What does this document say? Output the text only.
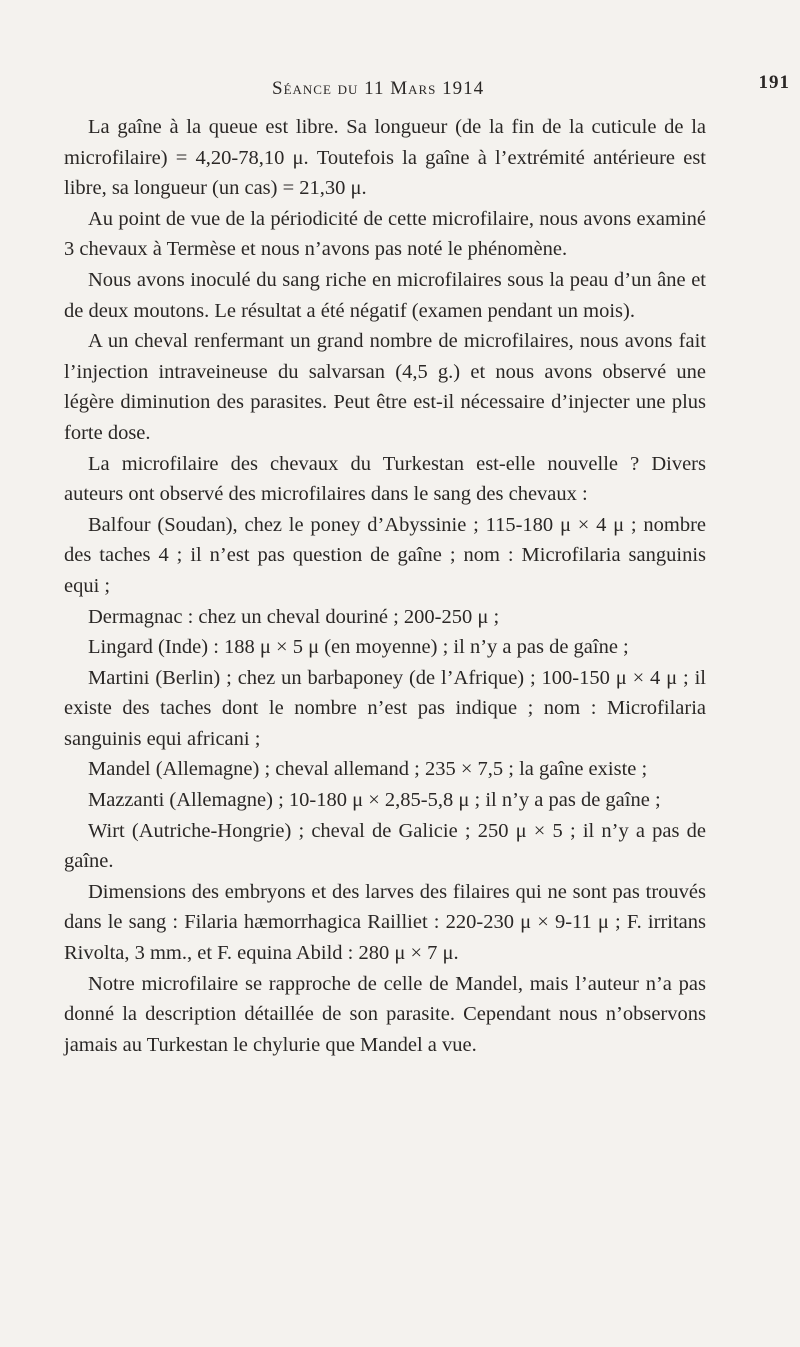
Séance du 11 Mars 1914	191

La gaîne à la queue est libre. Sa longueur (de la fin de la cuticule de la microfilaire) = 4,20-78,10 μ. Toutefois la gaîne à l’extrémité antérieure est libre, sa longueur (un cas) = 21,30 μ.

Au point de vue de la périodicité de cette microfilaire, nous avons examiné 3 chevaux à Termèse et nous n’avons pas noté le phénomène.

Nous avons inoculé du sang riche en microfilaires sous la peau d’un âne et de deux moutons. Le résultat a été négatif (examen pendant un mois).

A un cheval renfermant un grand nombre de microfilaires, nous avons fait l’injection intraveineuse du salvarsan (4,5 g.) et nous avons observé une légère diminution des parasites. Peut être est-il nécessaire d’injecter une plus forte dose.

La microfilaire des chevaux du Turkestan est-elle nouvelle ? Divers auteurs ont observé des microfilaires dans le sang des chevaux :

Balfour (Soudan), chez le poney d’Abyssinie ; 115-180 μ × 4 μ ; nombre des taches 4 ; il n’est pas question de gaîne ; nom : Microfilaria sanguinis equi ;

Dermagnac : chez un cheval douriné ; 200-250 μ ;

Lingard (Inde) : 188 μ × 5 μ (en moyenne) ; il n’y a pas de gaîne ;

Martini (Berlin) ; chez un barbaponey (de l’Afrique) ; 100-150 μ × 4 μ ; il existe des taches dont le nombre n’est pas indique ; nom : Microfilaria sanguinis equi africani ;

Mandel (Allemagne) ; cheval allemand ; 235 × 7,5 ; la gaîne existe ;

Mazzanti (Allemagne) ; 10-180 μ × 2,85-5,8 μ ; il n’y a pas de gaîne ;

Wirt (Autriche-Hongrie) ; cheval de Galicie ; 250 μ × 5 ; il n’y a pas de gaîne.

Dimensions des embryons et des larves des filaires qui ne sont pas trouvés dans le sang : Filaria hæmorrhagica Railliet : 220-230 μ × 9-11 μ ; F. irritans Rivolta, 3 mm., et F. equina Abild : 280 μ × 7 μ.

Notre microfilaire se rapproche de celle de Mandel, mais l’auteur n’a pas donné la description détaillée de son parasite. Cependant nous n’observons jamais au Turkestan le chylurie que Mandel a vue.
